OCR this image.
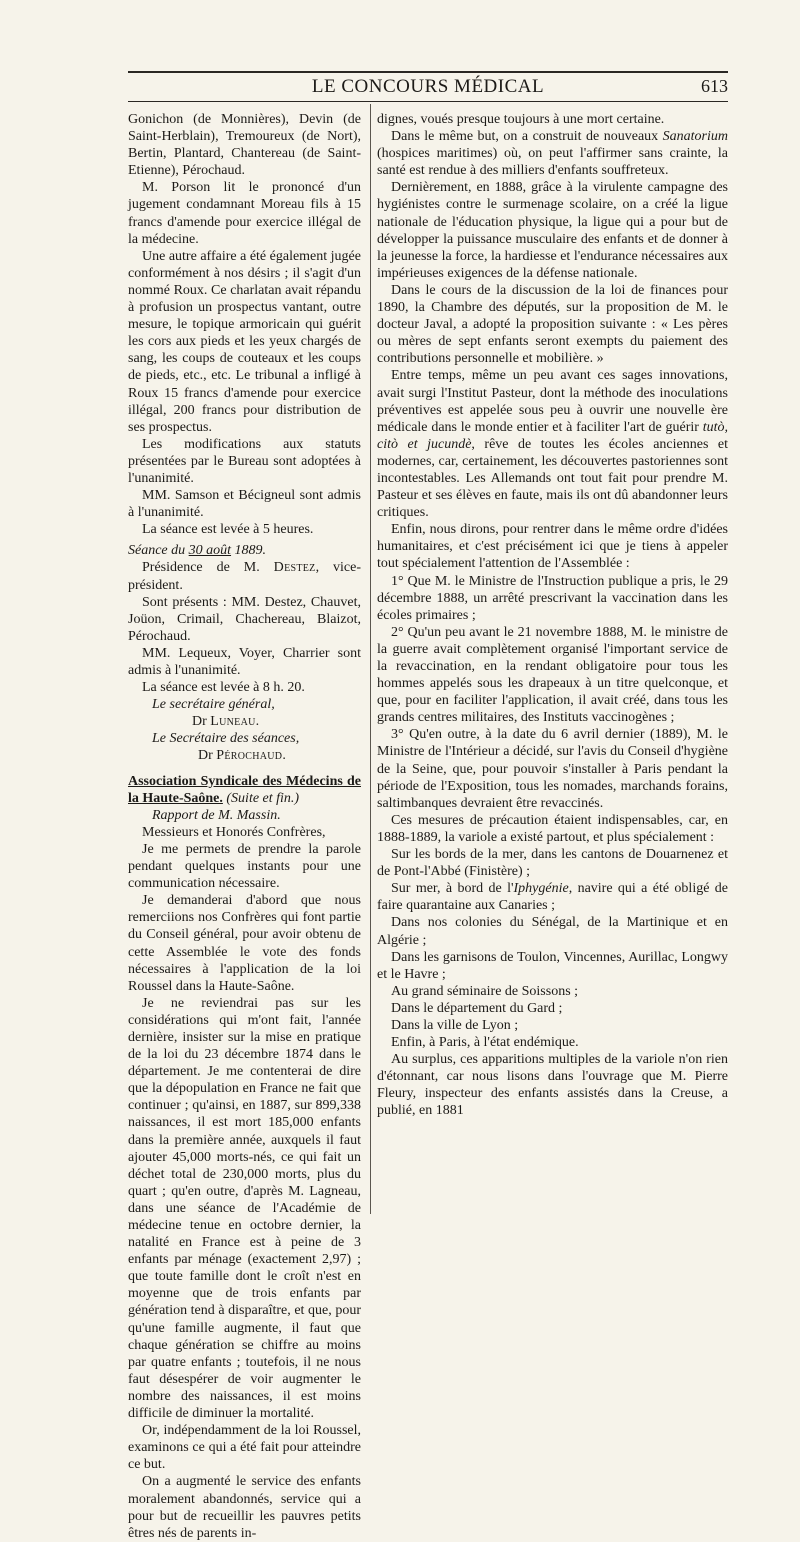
LE CONCOURS MÉDICAL	613

Gonichon (de Monnières), Devin (de Saint-Herblain), Tremoureux (de Nort), Bertin, Plantard, Chantereau (de Saint-Etienne), Pérochaud.

M. Porson lit le prononcé d'un jugement condamnant Moreau fils à 15 francs d'amende pour exercice illégal de la médecine.

Une autre affaire a été également jugée conformément à nos désirs ; il s'agit d'un nommé Roux. Ce charlatan avait répandu à profusion un prospectus vantant, outre mesure, le topique armoricain qui guérit les cors aux pieds et les yeux chargés de sang, les coups de couteaux et les coups de pieds, etc., etc. Le tribunal a infligé à Roux 15 francs d'amende pour exercice illégal, 200 francs pour distribution de ses prospectus.

Les modifications aux statuts présentées par le Bureau sont adoptées à l'unanimité.

MM. Samson et Bécigneul sont admis à l'unanimité.

La séance est levée à 5 heures.

Séance du 30 août 1889.

Présidence de M. Destez, vice-président.

Sont présents : MM. Destez, Chauvet, Joüon, Crimail, Chachereau, Blaizot, Pérochaud.

MM. Lequeux, Voyer, Charrier sont admis à l'unanimité.

La séance est levée à 8 h. 20.

Le secrétaire général,

Dr Luneau.

Le Secrétaire des séances,

Dr Pérochaud.

Association Syndicale des Médecins de la Haute-Saône. (Suite et fin.)

Rapport de M. Massin.

Messieurs et Honorés Confrères,

Je me permets de prendre la parole pendant quelques instants pour une communication nécessaire.

Je demanderai d'abord que nous remerciions nos Confrères qui font partie du Conseil général, pour avoir obtenu de cette Assemblée le vote des fonds nécessaires à l'application de la loi Roussel dans la Haute-Saône.

Je ne reviendrai pas sur les considérations qui m'ont fait, l'année dernière, insister sur la mise en pratique de la loi du 23 décembre 1874 dans le département. Je me contenterai de dire que la dépopulation en France ne fait que continuer ; qu'ainsi, en 1887, sur 899,338 naissances, il est mort 185,000 enfants dans la première année, auxquels il faut ajouter 45,000 morts-nés, ce qui fait un déchet total de 230,000 morts, plus du quart ; qu'en outre, d'après M. Lagneau, dans une séance de l'Académie de médecine tenue en octobre dernier, la natalité en France est à peine de 3 enfants par ménage (exactement 2,97) ; que toute famille dont le croît n'est en moyenne que de trois enfants par génération tend à disparaître, et que, pour qu'une famille augmente, il faut que chaque génération se chiffre au moins par quatre enfants ; toutefois, il ne nous faut désespérer de voir augmenter le nombre des naissances, il est moins difficile de diminuer la mortalité.

Or, indépendamment de la loi Roussel, examinons ce qui a été fait pour atteindre ce but.

On a augmenté le service des enfants moralement abandonnés, service qui a pour but de recueillir les pauvres petits êtres nés de parents in-

dignes, voués presque toujours à une mort certaine.

Dans le même but, on a construit de nouveaux Sanatorium (hospices maritimes) où, on peut l'affirmer sans crainte, la santé est rendue à des milliers d'enfants souffreteux.

Dernièrement, en 1888, grâce à la virulente campagne des hygiénistes contre le surmenage scolaire, on a créé la ligue nationale de l'éducation physique, la ligue qui a pour but de développer la puissance musculaire des enfants et de donner à la jeunesse la force, la hardiesse et l'endurance nécessaires aux impérieuses exigences de la défense nationale.

Dans le cours de la discussion de la loi de finances pour 1890, la Chambre des députés, sur la proposition de M. le docteur Javal, a adopté la proposition suivante : « Les pères ou mères de sept enfants seront exempts du paiement des contributions personnelle et mobilière. »

Entre temps, même un peu avant ces sages innovations, avait surgi l'Institut Pasteur, dont la méthode des inoculations préventives est appelée sous peu à ouvrir une nouvelle ère médicale dans le monde entier et à faciliter l'art de guérir tutò, citò et jucundè, rêve de toutes les écoles anciennes et modernes, car, certainement, les découvertes pastoriennes sont incontestables. Les Allemands ont tout fait pour prendre M. Pasteur et ses élèves en faute, mais ils ont dû abandonner leurs critiques.

Enfin, nous dirons, pour rentrer dans le même ordre d'idées humanitaires, et c'est précisément ici que je tiens à appeler tout spécialement l'attention de l'Assemblée :

1° Que M. le Ministre de l'Instruction publique a pris, le 29 décembre 1888, un arrêté prescrivant la vaccination dans les écoles primaires ;

2° Qu'un peu avant le 21 novembre 1888, M. le ministre de la guerre avait complètement organisé l'important service de la revaccination, en la rendant obligatoire pour tous les hommes appelés sous les drapeaux à un titre quelconque, et que, pour en faciliter l'application, il avait créé, dans tous les grands centres militaires, des Instituts vaccinogènes ;

3° Qu'en outre, à la date du 6 avril dernier (1889), M. le Ministre de l'Intérieur a décidé, sur l'avis du Conseil d'hygiène de la Seine, que, pour pouvoir s'installer à Paris pendant la période de l'Exposition, tous les nomades, marchands forains, saltimbanques devraient être revaccinés.

Ces mesures de précaution étaient indispensables, car, en 1888-1889, la variole a existé partout, et plus spécialement :

Sur les bords de la mer, dans les cantons de Douarnenez et de Pont-l'Abbé (Finistère) ;

Sur mer, à bord de l'Iphygénie, navire qui a été obligé de faire quarantaine aux Canaries ;

Dans nos colonies du Sénégal, de la Martinique et en Algérie ;

Dans les garnisons de Toulon, Vincennes, Aurillac, Longwy et le Havre ;

Au grand séminaire de Soissons ;

Dans le département du Gard ;

Dans la ville de Lyon ;

Enfin, à Paris, à l'état endémique.

Au surplus, ces apparitions multiples de la variole n'on rien d'étonnant, car nous lisons dans l'ouvrage que M. Pierre Fleury, inspecteur des enfants assistés dans la Creuse, a publié, en 1881
